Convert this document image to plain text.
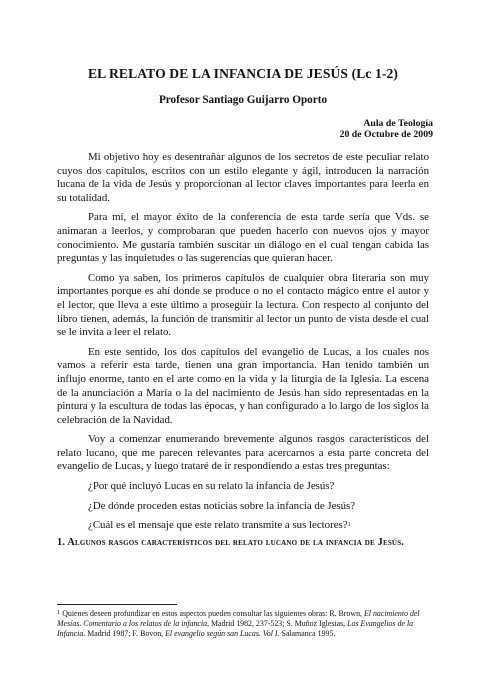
EL RELATO DE LA INFANCIA DE JESÚS (Lc 1-2)
Profesor Santiago Guijarro Oporto
Aula de Teología
20 de Octubre de 2009

Mi objetivo hoy es desentrañar algunos de los secretos de este peculiar relato cuyos dos capítulos, escritos con un estilo elegante y ágil, introducen la narración lucana de la vida de Jesús y proporcionan al lector claves importantes para leerla en su totalidad.

Para mí, el mayor éxito de la conferencia de esta tarde sería que Vds. se animaran a leerlos, y comprobaran que pueden hacerlo con nuevos ojos y mayor conocimiento. Me gustaría también suscitar un diálogo en el cual tengan cabida las preguntas y las inquietudes o las sugerencias que quieran hacer.

Como ya saben, los primeros capítulos de cualquier obra literaria son muy importantes porque es ahí donde se produce o no el contacto mágico entre el autor y el lector, que lleva a este último a proseguir la lectura. Con respecto al conjunto del libro tienen, además, la función de transmitir al lector un punto de vista desde el cual se le invita a leer el relato.

En este sentido, los dos capítulos del evangelio de Lucas, a los cuales nos vamos a referir esta tarde, tienen una gran importancia. Han tenido también un influjo enorme, tanto en el arte como en la vida y la liturgia de la Iglesia. La escena de la anunciación a María o la del nacimiento de Jesús han sido representadas en la pintura y la escultura de todas las épocas, y han configurado a lo largo de los siglos la celebración de la Navidad.

Voy a comenzar enumerando brevemente algunos rasgos característicos del relato lucano, que me parecen relevantes para acercarnos a esta parte concreta del evangelio de Lucas, y luego trataré de ir respondiendo a estas tres preguntas:

¿Por qué incluyó Lucas en su relato la infancia de Jesús?

¿De dónde proceden estas noticias sobre la infancia de Jesús?

¿Cuál es el mensaje que este relato transmite a sus lectores?$^1$

1. Algunos rasgos característicos del relato lucano de la infancia de Jesús.
$^1$ Quienes deseen profundizar en estos aspectos pueden consultar las siguientes obras: R. Brown, El nacimiento del Mesías. Comentario a los relatos de la infancia, Madrid 1982, 237-523; S. Muñoz Iglesias, Los Evangelios de la Infancia. Madrid 1987; F. Bovon, El evangelio según san Lucas. Vol I. Salamanca 1995.
